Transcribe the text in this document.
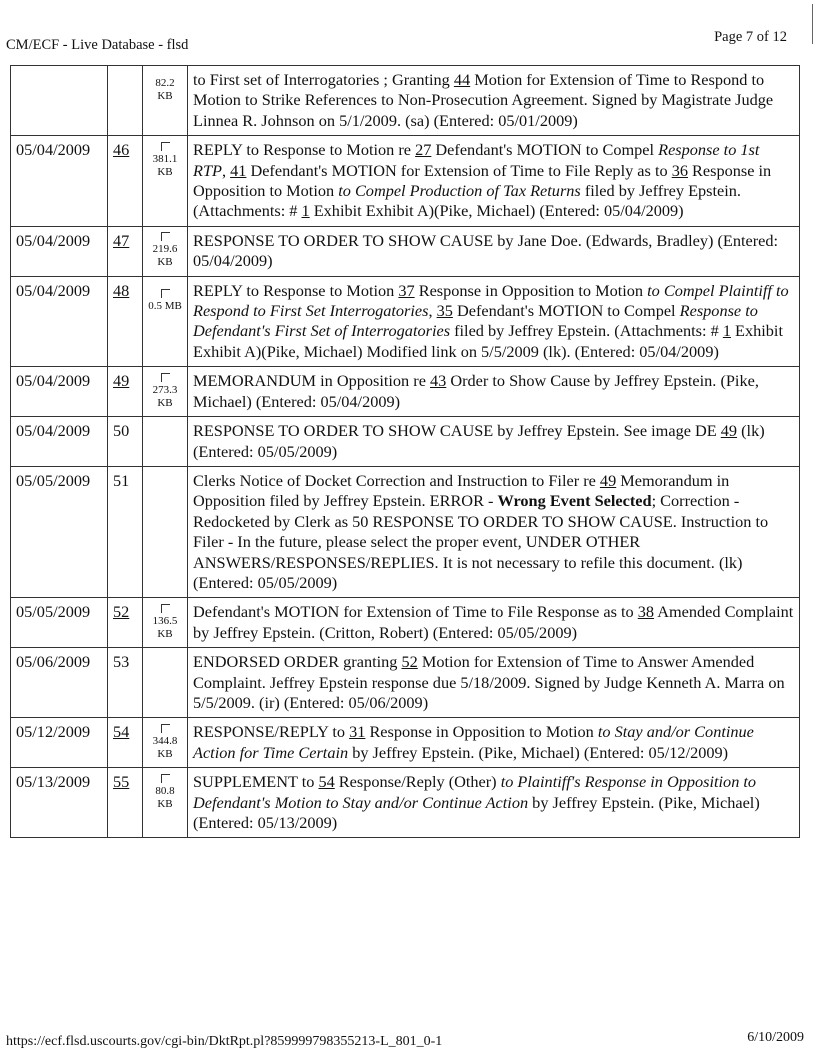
CM/ECF - Live Database - flsd	Page 7 of 12

		82.2 KB	to First set of Interrogatories ; Granting 44 Motion for Extension of Time to Respond to Motion to Strike References to Non-Prosecution Agreement. Signed by Magistrate Judge Linnea R. Johnson on 5/1/2009. (sa) (Entered: 05/01/2009)
05/04/2009	46	381.1 KB	REPLY to Response to Motion re 27 Defendant's MOTION to Compel Response to 1st RTP, 41 Defendant's MOTION for Extension of Time to File Reply as to 36 Response in Opposition to Motion to Compel Production of Tax Returns filed by Jeffrey Epstein. (Attachments: # 1 Exhibit Exhibit A)(Pike, Michael) (Entered: 05/04/2009)
05/04/2009	47	219.6 KB	RESPONSE TO ORDER TO SHOW CAUSE by Jane Doe. (Edwards, Bradley) (Entered: 05/04/2009)
05/04/2009	48	0.5 MB	REPLY to Response to Motion 37 Response in Opposition to Motion to Compel Plaintiff to Respond to First Set Interrogatories, 35 Defendant's MOTION to Compel Response to Defendant's First Set of Interrogatories filed by Jeffrey Epstein. (Attachments: # 1 Exhibit Exhibit A)(Pike, Michael) Modified link on 5/5/2009 (lk). (Entered: 05/04/2009)
05/04/2009	49	273.3 KB	MEMORANDUM in Opposition re 43 Order to Show Cause by Jeffrey Epstein. (Pike, Michael) (Entered: 05/04/2009)
05/04/2009	50		RESPONSE TO ORDER TO SHOW CAUSE by Jeffrey Epstein. See image DE 49 (lk) (Entered: 05/05/2009)
05/05/2009	51		Clerks Notice of Docket Correction and Instruction to Filer re 49 Memorandum in Opposition filed by Jeffrey Epstein. ERROR - Wrong Event Selected; Correction - Redocketed by Clerk as 50 RESPONSE TO ORDER TO SHOW CAUSE. Instruction to Filer - In the future, please select the proper event, UNDER OTHER ANSWERS/RESPONSES/REPLIES. It is not necessary to refile this document. (lk) (Entered: 05/05/2009)
05/05/2009	52	136.5 KB	Defendant's MOTION for Extension of Time to File Response as to 38 Amended Complaint by Jeffrey Epstein. (Critton, Robert) (Entered: 05/05/2009)
05/06/2009	53		ENDORSED ORDER granting 52 Motion for Extension of Time to Answer Amended Complaint. Jeffrey Epstein response due 5/18/2009. Signed by Judge Kenneth A. Marra on 5/5/2009. (ir) (Entered: 05/06/2009)
05/12/2009	54	344.8 KB	RESPONSE/REPLY to 31 Response in Opposition to Motion to Stay and/or Continue Action for Time Certain by Jeffrey Epstein. (Pike, Michael) (Entered: 05/12/2009)
05/13/2009	55	80.8 KB	SUPPLEMENT to 54 Response/Reply (Other) to Plaintiff's Response in Opposition to Defendant's Motion to Stay and/or Continue Action by Jeffrey Epstein. (Pike, Michael) (Entered: 05/13/2009)
https://ecf.flsd.uscourts.gov/cgi-bin/DktRpt.pl?859999798355213-L_801_0-1	6/10/2009
